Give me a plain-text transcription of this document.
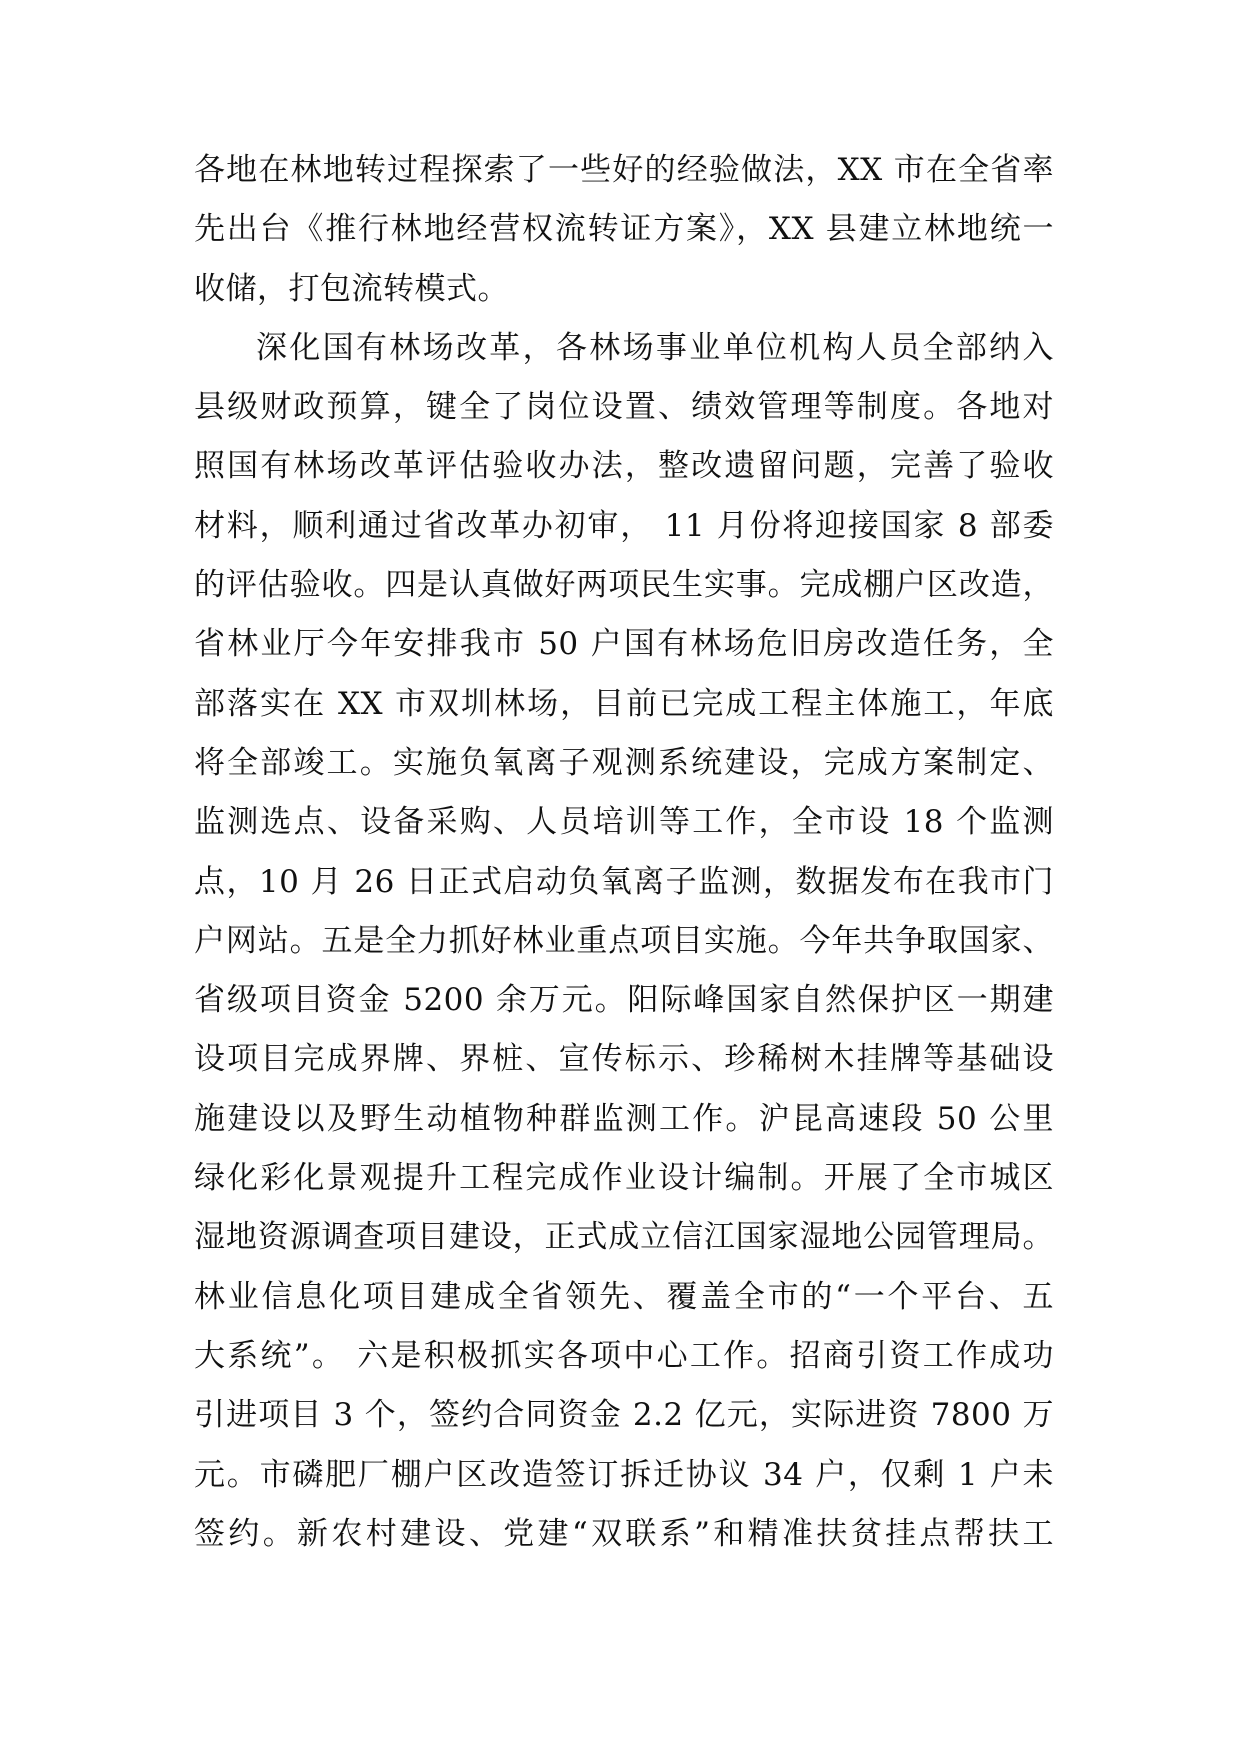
各地在林地转过程探索了一些好的经验做法，XX 市在全省率
先出台《推行林地经营权流转证方案》，XX 县建立林地统一
收储，打包流转模式。
深化国有林场改革，各林场事业单位机构人员全部纳入
县级财政预算，键全了岗位设置、绩效管理等制度。各地对
照国有林场改革评估验收办法，整改遗留问题，完善了验收
材料，顺利通过省改革办初审， 11 月份将迎接国家 8 部委
的评估验收。四是认真做好两项民生实事。完成棚户区改造，
省林业厅今年安排我市 50 户国有林场危旧房改造任务，全
部落实在 XX 市双圳林场，目前已完成工程主体施工，年底
将全部竣工。实施负氧离子观测系统建设，完成方案制定、
监测选点、设备采购、人员培训等工作，全市设 18 个监测
点，10 月 26 日正式启动负氧离子监测，数据发布在我市门
户网站。五是全力抓好林业重点项目实施。今年共争取国家、
省级项目资金 5200 余万元。阳际峰国家自然保护区一期建
设项目完成界牌、界桩、宣传标示、珍稀树木挂牌等基础设
施建设以及野生动植物种群监测工作。沪昆高速段 50 公里
绿化彩化景观提升工程完成作业设计编制。开展了全市城区
湿地资源调查项目建设，正式成立信江国家湿地公园管理局。
林业信息化项目建成全省领先、覆盖全市的“一个平台、五
大系统”。 六是积极抓实各项中心工作。招商引资工作成功
引进项目 3 个，签约合同资金 2.2 亿元，实际进资 7800 万
元。市磷肥厂棚户区改造签订拆迁协议 34 户，仅剩 1 户未
签约。新农村建设、党建“双联系”和精准扶贫挂点帮扶工
